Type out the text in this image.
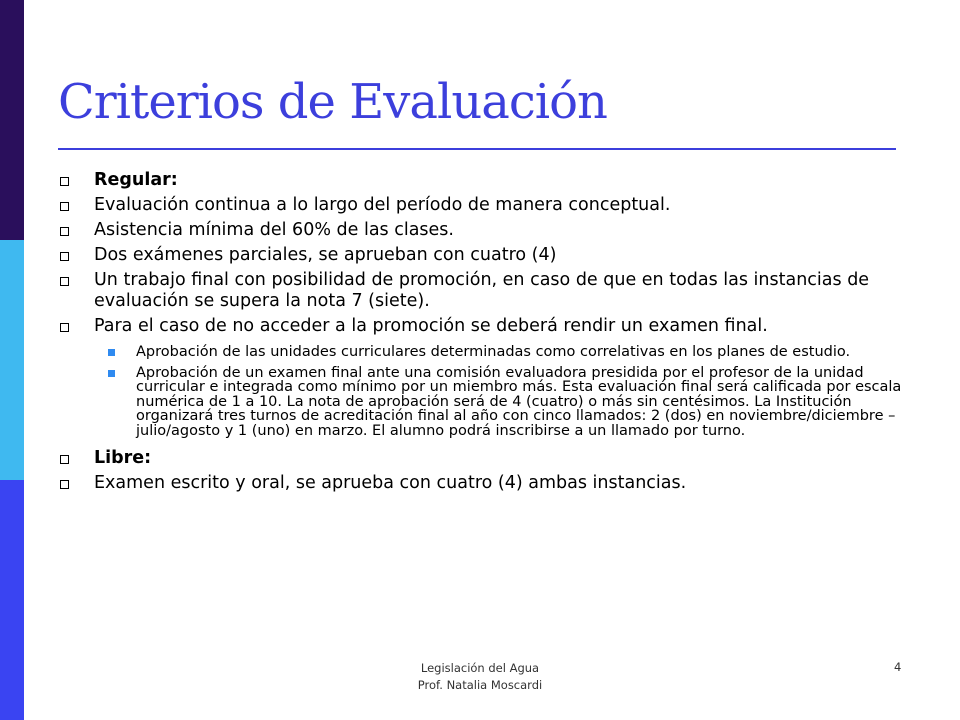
Criterios de Evaluación
Regular:
Evaluación continua a lo largo del período de manera conceptual.
Asistencia mínima del 60% de las clases.
Dos exámenes parciales, se aprueban con cuatro (4)
Un trabajo final con posibilidad de promoción, en caso de que en todas las instancias de evaluación se supera la nota 7 (siete).
Para el caso de no acceder a la promoción se deberá rendir un examen final.
Aprobación de las unidades curriculares determinadas como correlativas en los planes de estudio.
Aprobación de un examen final ante una comisión evaluadora presidida por el profesor de la unidad curricular e integrada como mínimo por un miembro más. Esta evaluación final será calificada por escala numérica de 1 a 10. La nota de aprobación será de 4 (cuatro) o más sin centésimos. La Institución organizará tres turnos de acreditación final al año con cinco llamados: 2 (dos) en noviembre/diciembre – julio/agosto y 1 (uno) en marzo. El alumno podrá inscribirse a un llamado por turno.
Libre:
Examen escrito y oral, se aprueba con cuatro (4) ambas instancias.
Legislación del Agua
Prof. Natalia Moscardi
4
